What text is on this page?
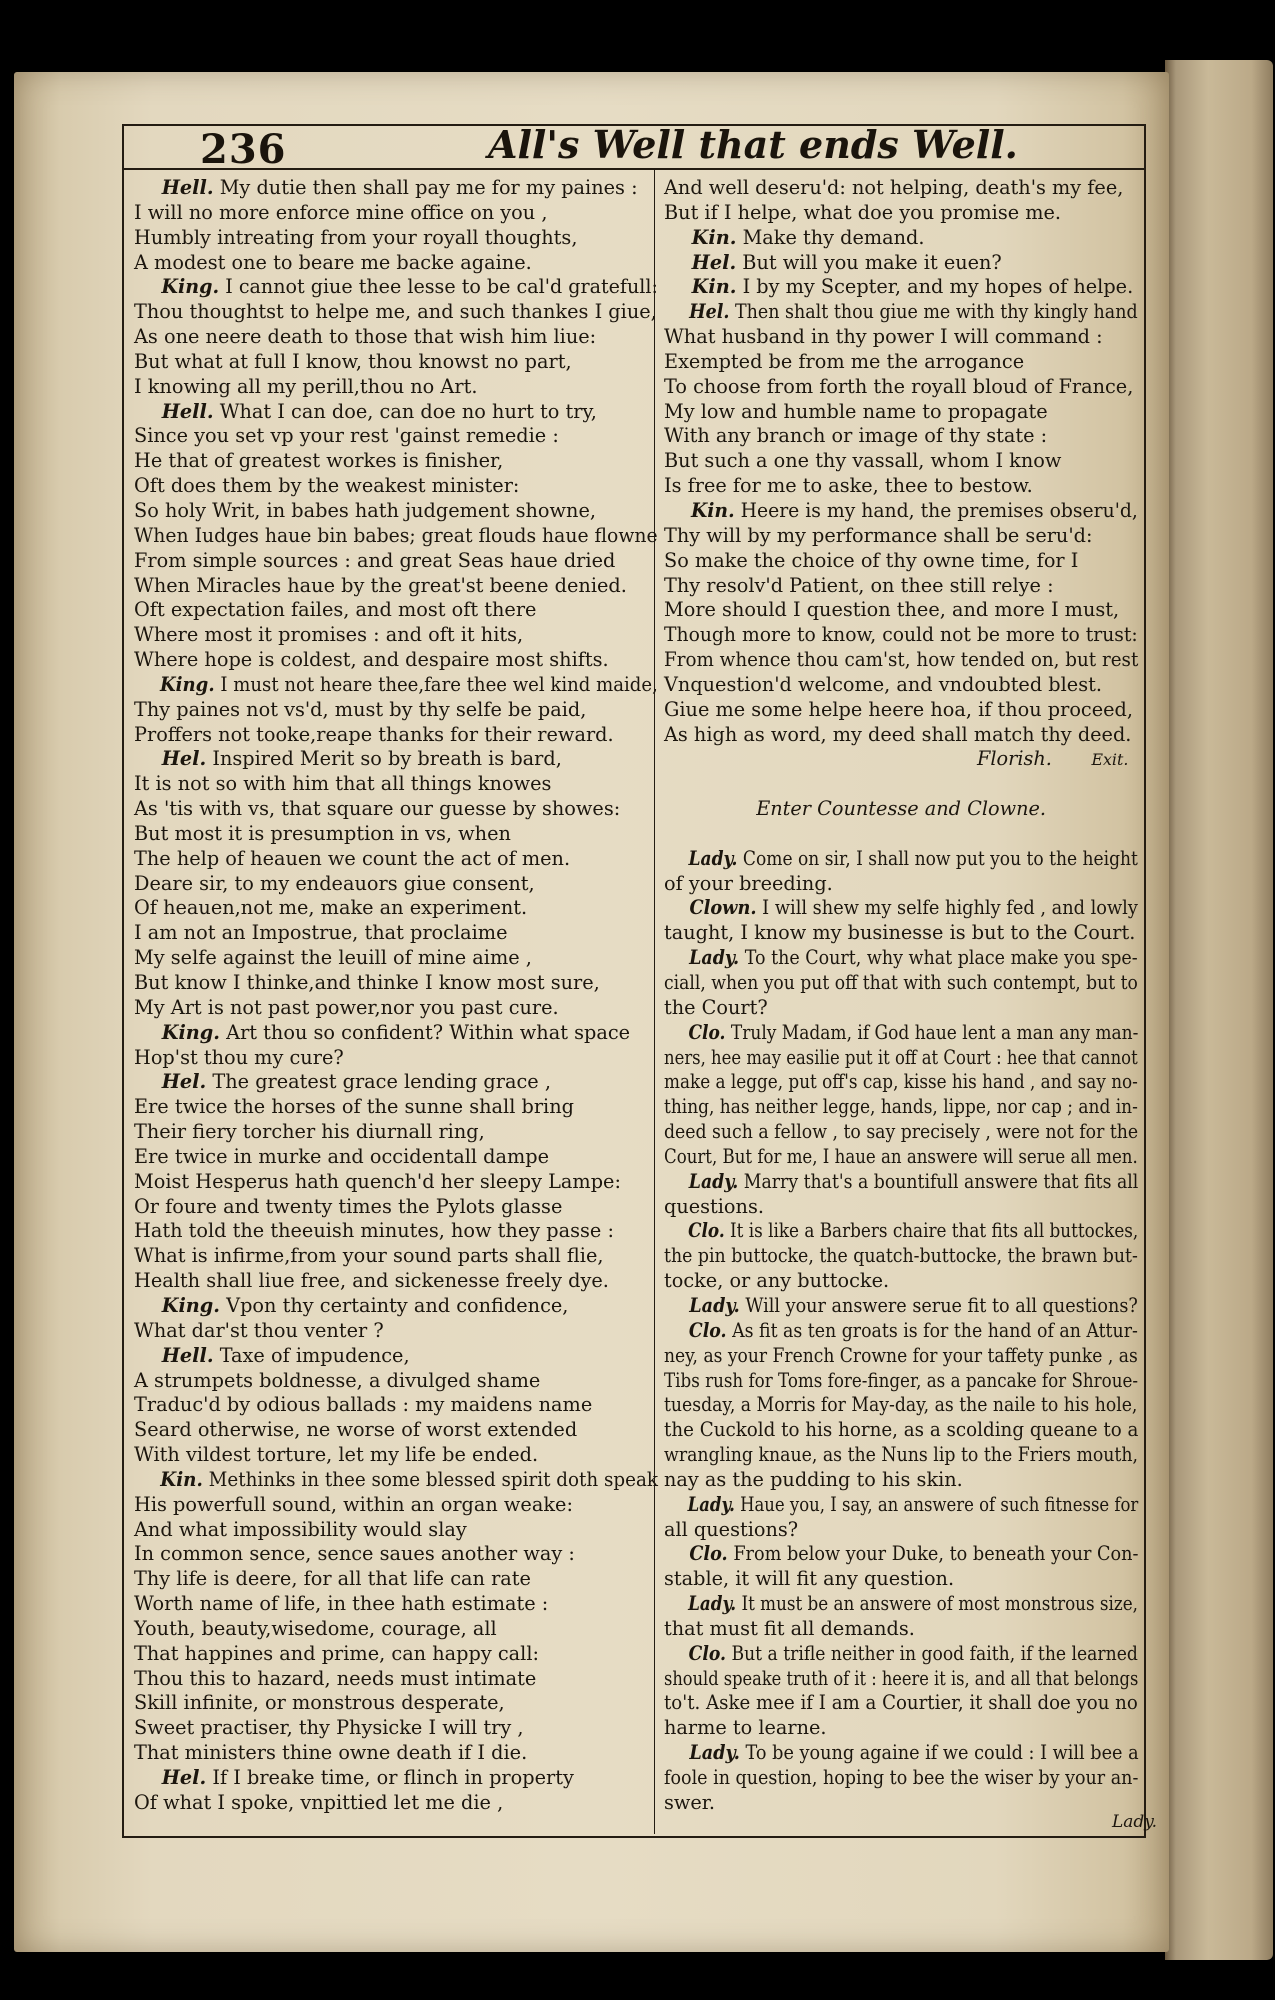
236	All's Well that ends Well.
Hell. My dutie then shall pay me for my paines :
I will no more enforce mine office on you ,
Humbly intreating from your royall thoughts,
A modest one to beare me backe againe.
King. I cannot giue thee lesse to be cal'd gratefull:
Thou thoughtst to helpe me, and such thankes I giue,
As one neere death to those that wish him liue:
But what at full I know, thou knowst no part,
I knowing all my perill,thou no Art.
Hell. What I can doe, can doe no hurt to try,
Since you set vp your rest 'gainst remedie :
He that of greatest workes is finisher,
Oft does them by the weakest minister:
So holy Writ, in babes hath judgement showne,
When Iudges haue bin babes; great flouds haue flowne
From simple sources : and great Seas haue dried
When Miracles haue by the great'st beene denied.
Oft expectation failes, and most oft there
Where most it promises : and oft it hits,
Where hope is coldest, and despaire most shifts.
King. I must not heare thee,fare thee wel kind maide,
Thy paines not vs'd, must by thy selfe be paid,
Proffers not tooke,reape thanks for their reward.
Hel. Inspired Merit so by breath is bard,
It is not so with him that all things knowes
As 'tis with vs, that square our guesse by showes:
But most it is presumption in vs, when
The help of heauen we count the act of men.
Deare sir, to my endeauors giue consent,
Of heauen,not me, make an experiment.
I am not an Impostrue, that proclaime
My selfe against the leuill of mine aime ,
But know I thinke,and thinke I know most sure,
My Art is not past power,nor you past cure.
King. Art thou so confident? Within what space
Hop'st thou my cure?
Hel. The greatest grace lending grace ,
Ere twice the horses of the sunne shall bring
Their fiery torcher his diurnall ring,
Ere twice in murke and occidentall dampe
Moist Hesperus hath quench'd her sleepy Lampe:
Or foure and twenty times the Pylots glasse
Hath told the theeuish minutes, how they passe :
What is infirme,from your sound parts shall flie,
Health shall liue free, and sickenesse freely dye.
King. Vpon thy certainty and confidence,
What dar'st thou venter ?
Hell. Taxe of impudence,
A strumpets boldnesse, a divulged shame
Traduc'd by odious ballads : my maidens name
Seard otherwise, ne worse of worst extended
With vildest torture, let my life be ended.
Kin. Methinks in thee some blessed spirit doth speak
His powerfull sound, within an organ weake:
And what impossibility would slay
In common sence, sence saues another way :
Thy life is deere, for all that life can rate
Worth name of life, in thee hath estimate :
Youth, beauty,wisedome, courage, all
That happines and prime, can happy call:
Thou this to hazard, needs must intimate
Skill infinite, or monstrous desperate,
Sweet practiser, thy Physicke I will try ,
That ministers thine owne death if I die.
Hel. If I breake time, or flinch in property
Of what I spoke, vnpittied let me die ,
And well deseru'd: not helping, death's my fee,
But if I helpe, what doe you promise me.
Kin. Make thy demand.
Hel. But will you make it euen?
Kin. I by my Scepter, and my hopes of helpe.
Hel. Then shalt thou giue me with thy kingly hand
What husband in thy power I will command :
Exempted be from me the arrogance
To choose from forth the royall bloud of France,
My low and humble name to propagate
With any branch or image of thy state :
But such a one thy vassall, whom I know
Is free for me to aske, thee to bestow.
Kin. Heere is my hand, the premises obseru'd,
Thy will by my performance shall be seru'd:
So make the choice of thy owne time, for I
Thy resolv'd Patient, on thee still relye :
More should I question thee, and more I must,
Though more to know, could not be more to trust:
From whence thou cam'st, how tended on, but rest
Vnquestion'd welcome, and vndoubted blest.
Giue me some helpe heere hoa, if thou proceed,
As high as word, my deed shall match thy deed.
Florish. Exit.
Enter Countesse and Clowne.
Lady. Come on sir, I shall now put you to the height
of your breeding.
Clown. I will shew my selfe highly fed , and lowly
taught, I know my businesse is but to the Court.
Lady. To the Court, why what place make you spe-
ciall, when you put off that with such contempt, but to
the Court?
Clo. Truly Madam, if God haue lent a man any man-
ners, hee may easilie put it off at Court : hee that cannot
make a legge, put off's cap, kisse his hand , and say no-
thing, has neither legge, hands, lippe, nor cap ; and in-
deed such a fellow , to say precisely , were not for the
Court, But for me, I haue an answere will serue all men.
Lady. Marry that's a bountifull answere that fits all
questions.
Clo. It is like a Barbers chaire that fits all buttockes,
the pin buttocke, the quatch-buttocke, the brawn but-
tocke, or any buttocke.
Lady. Will your answere serue fit to all questions?
Clo. As fit as ten groats is for the hand of an Attur-
ney, as your French Crowne for your taffety punke , as
Tibs rush for Toms fore-finger, as a pancake for Shroue-
tuesday, a Morris for May-day, as the naile to his hole,
the Cuckold to his horne, as a scolding queane to a
wrangling knaue, as the Nuns lip to the Friers mouth,
nay as the pudding to his skin.
Lady. Haue you, I say, an answere of such fitnesse for
all questions?
Clo. From below your Duke, to beneath your Con-
stable, it will fit any question.
Lady. It must be an answere of most monstrous size,
that must fit all demands.
Clo. But a trifle neither in good faith, if the learned
should speake truth of it : heere it is, and all that belongs
to't. Aske mee if I am a Courtier, it shall doe you no
harme to learne.
Lady. To be young againe if we could : I will bee a
foole in question, hoping to bee the wiser by your an-
swer.
Lady.
